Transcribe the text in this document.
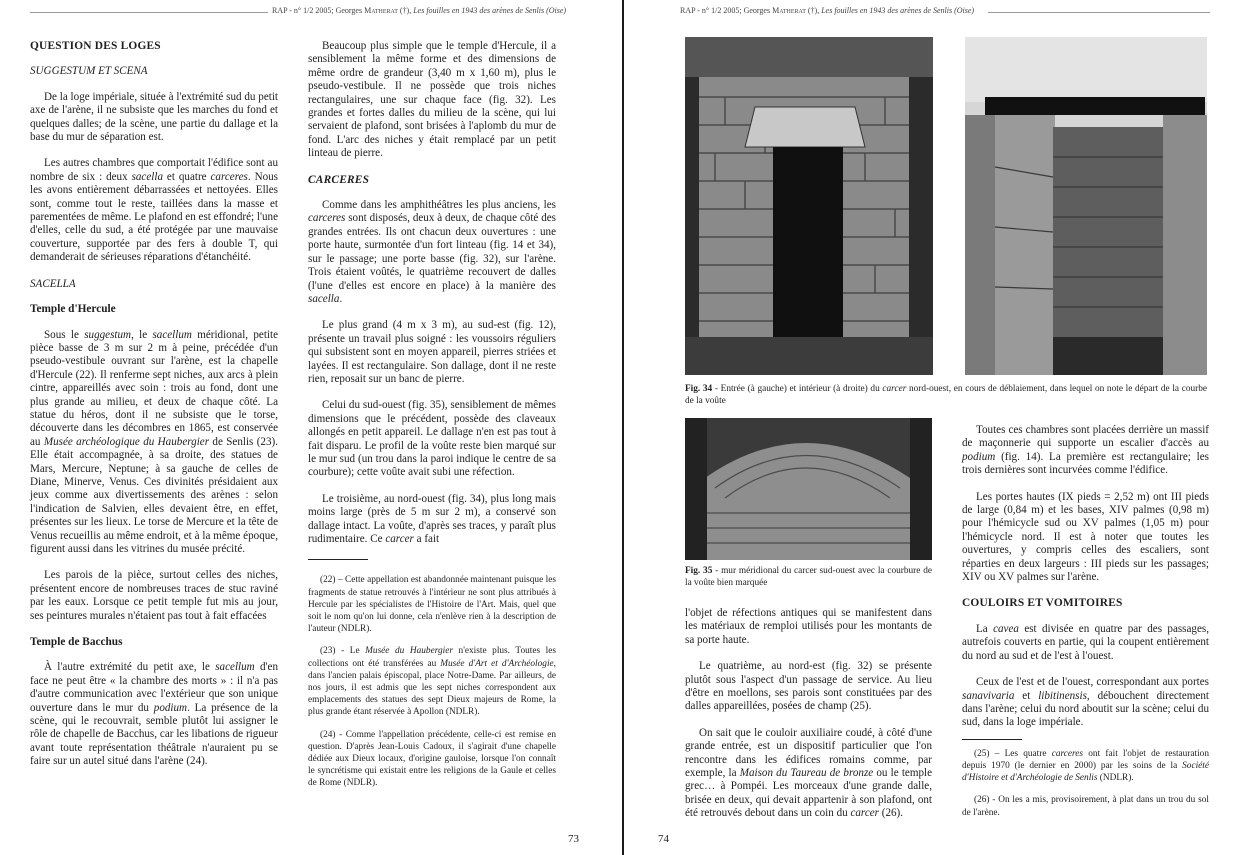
RAP - n° 1/2 2005; Georges Matherat (†), Les fouilles en 1943 des arènes de Senlis (Oise)
QUESTION DES LOGES
SUGGESTUM ET SCENA

De la loge impériale, située à l'extrémité sud du petit axe de l'arène, il ne subsiste que les marches du fond et quelques dalles; de la scène, une partie du dallage et la base du mur de séparation est.

Les autres chambres que comportait l'édifice sont au nombre de six : deux sacella et quatre carceres. Nous les avons entièrement débarrassées et nettoyées. Elles sont, comme tout le reste, taillées dans la masse et parementées de même. Le plafond en est effondré; l'une d'elles, celle du sud, a été protégée par une mauvaise couverture, supportée par des fers à double T, qui demanderait de sérieuses réparations d'étanchéité.

SACELLA
Temple d'Hercule

Sous le suggestum, le sacellum méridional, petite pièce basse de 3 m sur 2 m à peine, précédée d'un pseudo-vestibule ouvrant sur l'arène, est la chapelle d'Hercule (22). Il renferme sept niches, aux arcs à plein cintre, appareillés avec soin : trois au fond, dont une plus grande au milieu, et deux de chaque côté. La statue du héros, dont il ne subsiste que le torse, découverte dans les décombres en 1865, est conservée au Musée archéologique du Haubergier de Senlis (23). Elle était accompagnée, à sa droite, des statues de Mars, Mercure, Neptune; à sa gauche de celles de Diane, Minerve, Venus. Ces divinités présidaient aux jeux comme aux divertissements des arènes : selon l'indication de Salvien, elles devaient être, en effet, présentes sur les lieux. Le torse de Mercure et la tête de Venus recueillis au même endroit, et à la même époque, figurent aussi dans les vitrines du musée précité.

Les parois de la pièce, surtout celles des niches, présentent encore de nombreuses traces de stuc raviné par les eaux. Lorsque ce petit temple fut mis au jour, ses peintures murales n'étaient pas tout à fait effacées

Temple de Bacchus

À l'autre extrémité du petit axe, le sacellum d'en face ne peut être « la chambre des morts » : il n'a pas d'autre communication avec l'extérieur que son unique ouverture dans le mur du podium. La présence de la scène, qui le recouvrait, semble plutôt lui assigner le rôle de chapelle de Bacchus, car les libations de rigueur avant toute représentation théâtrale n'auraient pu se faire sur un autel situé dans l'arène (24).

Beaucoup plus simple que le temple d'Hercule, il a sensiblement la même forme et des dimensions de même ordre de grandeur (3,40 m x 1,60 m), plus le pseudo-vestibule. Il ne possède que trois niches rectangulaires, une sur chaque face (fig. 32). Les grandes et fortes dalles du milieu de la scène, qui lui servaient de plafond, sont brisées à l'aplomb du mur de fond. L'arc des niches y était remplacé par un petit linteau de pierre.

CARCERES

Comme dans les amphithéâtres les plus anciens, les carceres sont disposés, deux à deux, de chaque côté des grandes entrées. Ils ont chacun deux ouvertures : une porte haute, surmontée d'un fort linteau (fig. 14 et 34), sur le passage; une porte basse (fig. 32), sur l'arène. Trois étaient voûtés, le quatrième recouvert de dalles (l'une d'elles est encore en place) à la manière des sacella.

Le plus grand (4 m x 3 m), au sud-est (fig. 12), présente un travail plus soigné : les voussoirs réguliers qui subsistent sont en moyen appareil, pierres striées et layées. Il est rectangulaire. Son dallage, dont il ne reste rien, reposait sur un banc de pierre.

Celui du sud-ouest (fig. 35), sensiblement de mêmes dimensions que le précédent, possède des claveaux allongés en petit appareil. Le dallage n'en est pas tout à fait disparu. Le profil de la voûte reste bien marqué sur le mur sud (un trou dans la paroi indique le centre de sa courbure); cette voûte avait subi une réfection.

Le troisième, au nord-ouest (fig. 34), plus long mais moins large (près de 5 m sur 2 m), a conservé son dallage intact. La voûte, d'après ses traces, y paraît plus rudimentaire. Ce carcer a fait

(22) – Cette appellation est abandonnée maintenant puisque les fragments de statue retrouvés à l'intérieur ne sont plus attribués à Hercule par les spécialistes de l'Histoire de l'Art. Mais, quel que soit le nom qu'on lui donne, cela n'enlève rien à la description de l'auteur (NDLR).

(23) - Le Musée du Haubergier n'existe plus. Toutes les collections ont été transférées au Musée d'Art et d'Archéologie, dans l'ancien palais épiscopal, place Notre-Dame. Par ailleurs, de nos jours, il est admis que les sept niches correspondent aux emplacements des statues des sept Dieux majeurs de Rome, la plus grande étant réservée à Apollon (NDLR).

(24) - Comme l'appellation précédente, celle-ci est remise en question. D'après Jean-Louis Cadoux, il s'agirait d'une chapelle dédiée aux Dieux locaux, d'origine gauloise, lorsque l'on connaît le syncrétisme qui existait entre les religions de la Gaule et celles de Rome (NDLR).

73
RAP - n° 1/2 2005; Georges Matherat (†), Les fouilles en 1943 des arènes de Senlis (Oise)
Fig. 34 - Entrée (à gauche) et intérieur (à droite) du carcer nord-ouest, en cours de déblaiement, dans lequel on note le départ de la courbe de la voûte
Fig. 35 - mur méridional du carcer sud-ouest avec la courbure de la voûte bien marquée

l'objet de réfections antiques qui se manifestent dans les matériaux de remploi utilisés pour les montants de sa porte haute.

Le quatrième, au nord-est (fig. 32) se présente plutôt sous l'aspect d'un passage de service. Au lieu d'être en moellons, ses parois sont constituées par des dalles appareillées, posées de champ (25).

On sait que le couloir auxiliaire coudé, à côté d'une grande entrée, est un dispositif particulier que l'on rencontre dans les édifices romains comme, par exemple, la Maison du Taureau de bronze ou le temple grec… à Pompéi. Les morceaux d'une grande dalle, brisée en deux, qui devait appartenir à son plafond, ont été retrouvés debout dans un coin du carcer (26).

Toutes ces chambres sont placées derrière un massif de maçonnerie qui supporte un escalier d'accès au podium (fig. 14). La première est rectangulaire; les trois dernières sont incurvées comme l'édifice.

Les portes hautes (IX pieds = 2,52 m) ont III pieds de large (0,84 m) et les bases, XIV palmes (0,98 m) pour l'hémicycle sud ou XV palmes (1,05 m) pour l'hémicycle nord. Il est à noter que toutes les ouvertures, y compris celles des escaliers, sont réparties en deux largeurs : III pieds sur les passages; XIV ou XV palmes sur l'arène.

COULOIRS ET VOMITOIRES

La cavea est divisée en quatre par des passages, autrefois couverts en partie, qui la coupent entièrement du nord au sud et de l'est à l'ouest.

Ceux de l'est et de l'ouest, correspondant aux portes sanavivaria et libitinensis, débouchent directement dans l'arène; celui du nord aboutit sur la scène; celui du sud, dans la loge impériale.

(25) – Les quatre carceres ont fait l'objet de restauration depuis 1970 (le dernier en 2000) par les soins de la Société d'Histoire et d'Archéologie de Senlis (NDLR).

(26) - On les a mis, provisoirement, à plat dans un trou du sol de l'arène.

74
